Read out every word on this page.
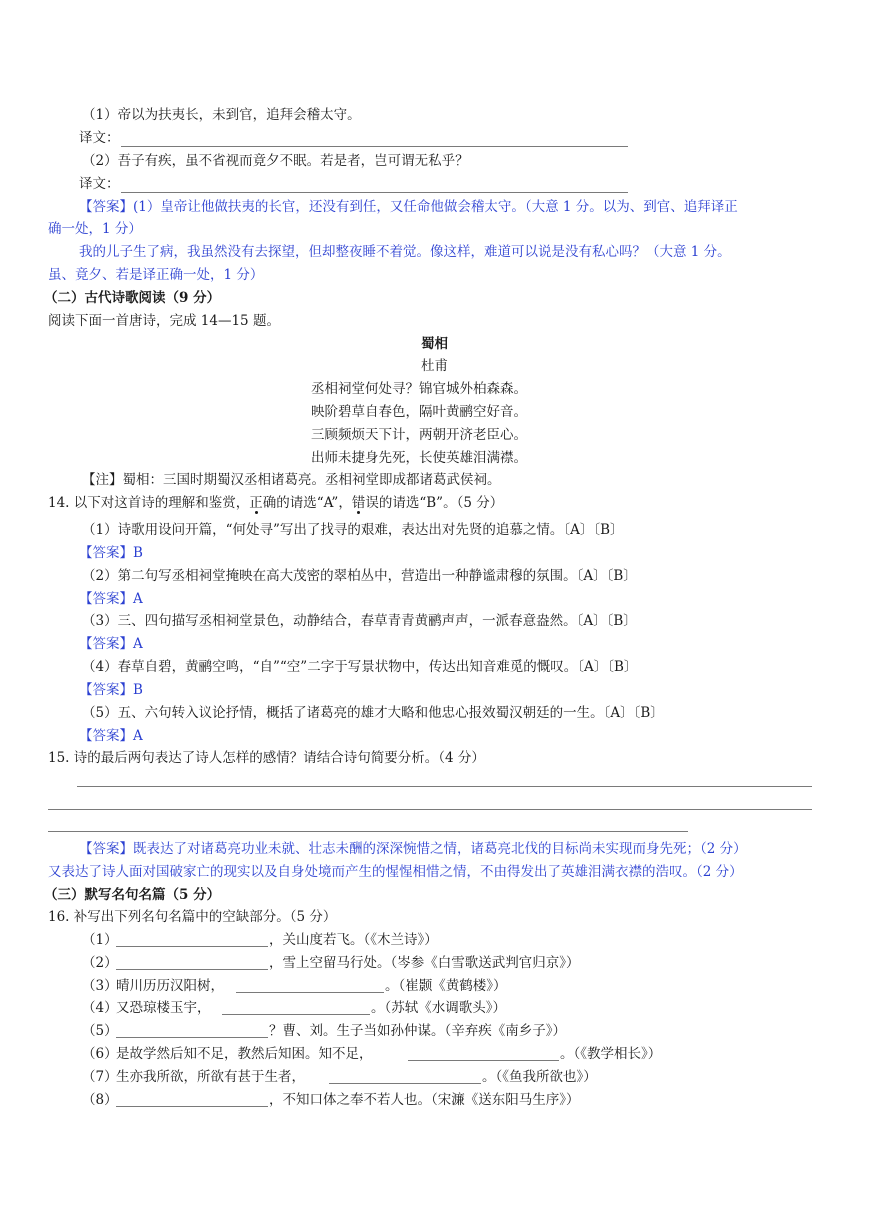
（1）帝以为扶夷长，未到官，追拜会稽太守。
译文：
（2）吾子有疾，虽不省视而竟夕不眠。若是者，岂可谓无私乎？
译文：
【答案】(1）皇帝让他做扶夷的长官，还没有到任，又任命他做会稽太守。（大意 1 分。以为、到官、追拜译正
确一处，1 分）
我的儿子生了病，我虽然没有去探望，但却整夜睡不着觉。像这样，难道可以说是没有私心吗？（大意 1 分。
虽、竟夕、若是译正确一处，1 分）
（二）古代诗歌阅读（9 分）
阅读下面一首唐诗，完成 14—15 题。
蜀相
杜甫
丞相祠堂何处寻？锦官城外柏森森。
映阶碧草自春色，隔叶黄鹂空好音。
三顾频烦天下计，两朝开济老臣心。
出师未捷身先死，长使英雄泪满襟。
【注】蜀相：三国时期蜀汉丞相诸葛亮。丞相祠堂即成都诸葛武侯祠。
14. 以下对这首诗的理解和鉴赏，正确的请选“A”，错误的请选“B”。（5 分）
（1）诗歌用设问开篇，“何处寻”写出了找寻的艰难，表达出对先贤的追慕之情。〔A〕〔B〕
【答案】B
（2）第二句写丞相祠堂掩映在高大茂密的翠柏丛中，营造出一种静谧肃穆的氛围。〔A〕〔B〕
【答案】A
（3）三、四句描写丞相祠堂景色，动静结合，春草青青黄鹂声声，一派春意盎然。〔A〕〔B〕
【答案】A
（4）春草自碧，黄鹂空鸣，“自”“空”二字于写景状物中，传达出知音难觅的慨叹。〔A〕〔B〕
【答案】B
（5）五、六句转入议论抒情，概括了诸葛亮的雄才大略和他忠心报效蜀汉朝廷的一生。〔A〕〔B〕
【答案】A
15. 诗的最后两句表达了诗人怎样的感情？请结合诗句简要分析。（4 分）
【答案】既表达了对诸葛亮功业未就、壮志未酬的深深惋惜之情，诸葛亮北伐的目标尚未实现而身先死；（2 分）
又表达了诗人面对国破家亡的现实以及自身处境而产生的惺惺相惜之情，不由得发出了英雄泪满衣襟的浩叹。（2 分）
（三）默写名句名篇（5 分）
16. 补写出下列名句名篇中的空缺部分。（5 分）
（1）	，关山度若飞。（《木兰诗》）
（2）	，雪上空留马行处。（岑参《白雪歌送武判官归京》）
（3）
晴川历历汉阳树，	。（崔颢《黄鹤楼》）
（4）
又恐琼楼玉宇，	。（苏轼《水调歌头》）
（5）	？曹、刘。生子当如孙仲谋。（辛弃疾《南乡子》）
（6）
是故学然后知不足，教然后知困。知不足，	。（《教学相长》）
（7）
生亦我所欲，所欲有甚于生者，	。（《鱼我所欲也》）
（8）	，不知口体之奉不若人也。（宋濂《送东阳马生序》）
